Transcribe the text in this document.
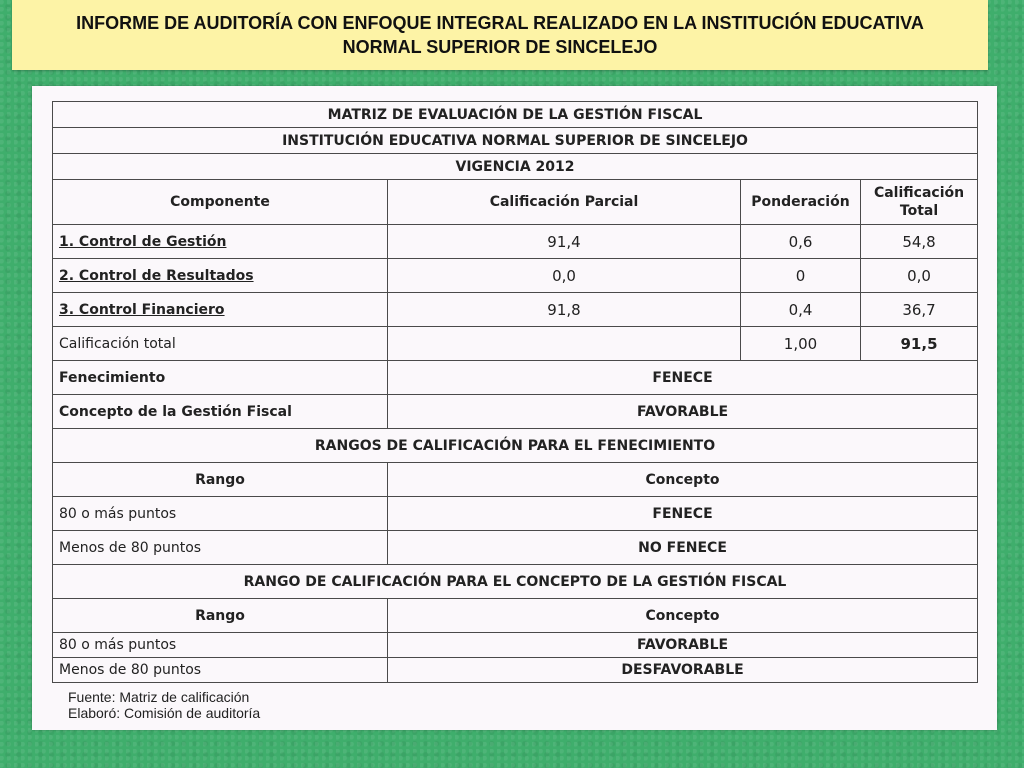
INFORME DE AUDITORÍA CON ENFOQUE INTEGRAL REALIZADO EN LA INSTITUCIÓN EDUCATIVA
NORMAL SUPERIOR DE SINCELEJO
MATRIZ DE EVALUACIÓN DE LA GESTIÓN FISCAL			
INSTITUCIÓN EDUCATIVA NORMAL SUPERIOR DE SINCELEJO			
VIGENCIA 2012			
Componente	Calificación Parcial	Ponderación	Calificación Total
1. Control de Gestión	91,4	0,6	54,8
2. Control de Resultados	0,0	0	0,0
3. Control Financiero	91,8	0,4	36,7
Calificación total		1,00	91,5
Fenecimiento	FENECE		
Concepto de la Gestión Fiscal	FAVORABLE		
RANGOS DE CALIFICACIÓN PARA EL FENECIMIENTO			
Rango	Concepto		
80 o más puntos	FENECE		
Menos de 80 puntos	NO FENECE		
RANGO DE CALIFICACIÓN PARA EL CONCEPTO DE LA GESTIÓN FISCAL			
Rango	Concepto		
80 o más puntos	FAVORABLE		
Menos de 80 puntos	DESFAVORABLE		
Fuente: Matriz de calificación
Elaboró: Comisión de auditoría
